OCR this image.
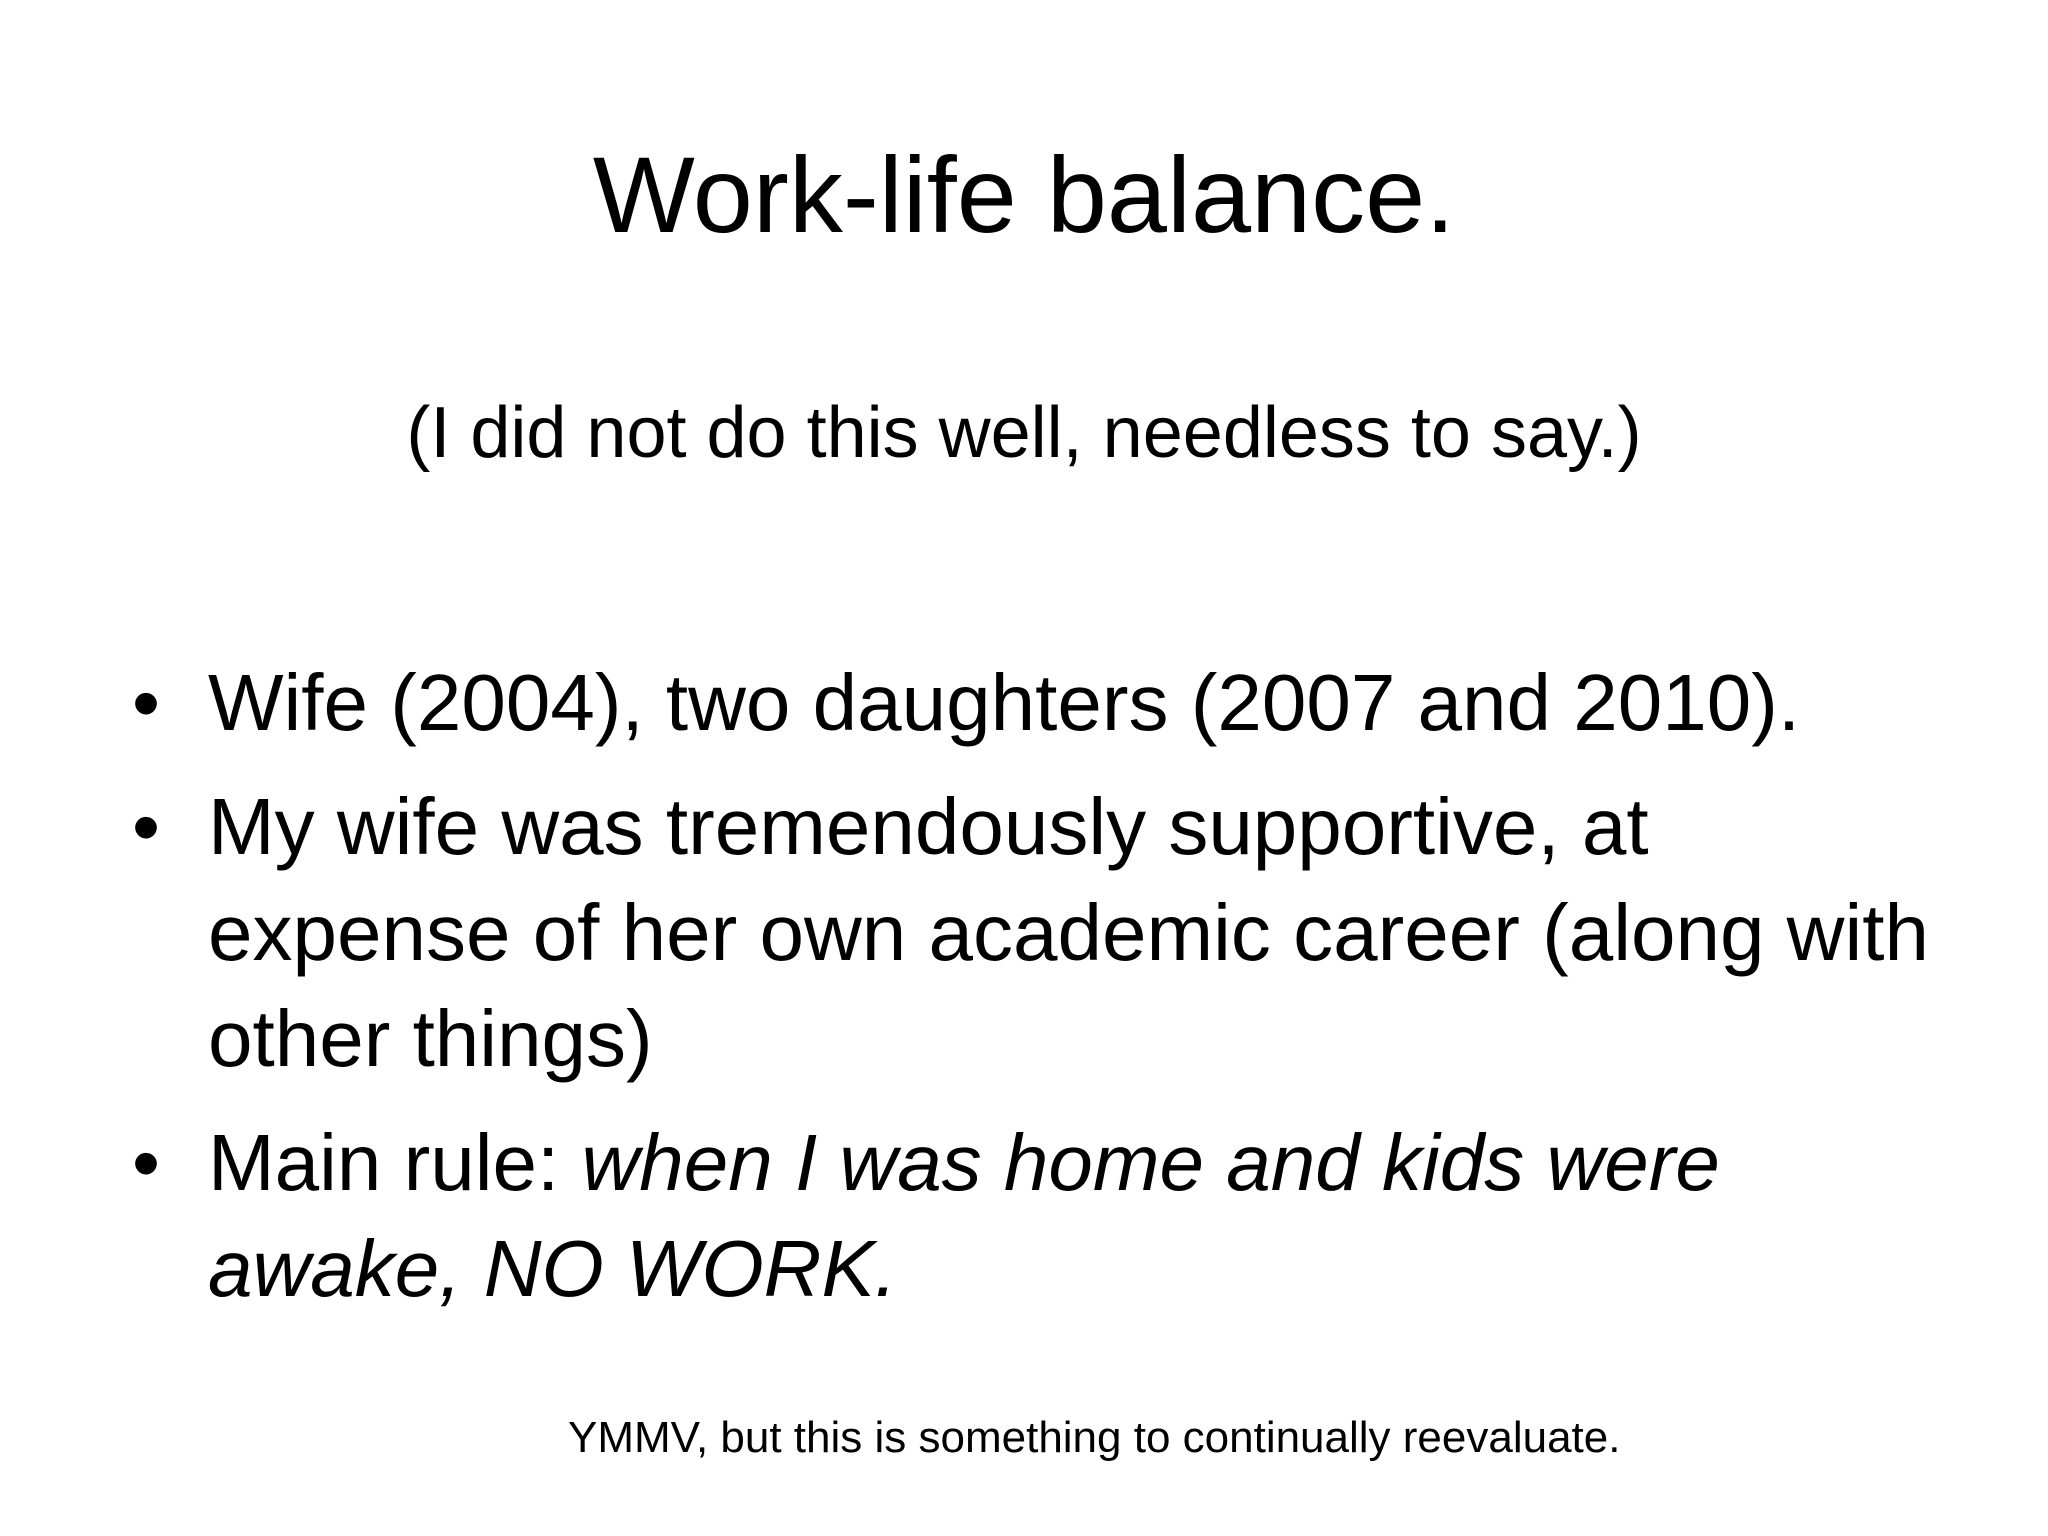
Work-life balance.
(I did not do this well, needless to say.)
• Wife (2004), two daughters (2007 and 2010).
• My wife was tremendously supportive, at expense of her own academic career (along with other things)
• Main rule: when I was home and kids were awake, NO WORK.
YMMV, but this is something to continually reevaluate.
